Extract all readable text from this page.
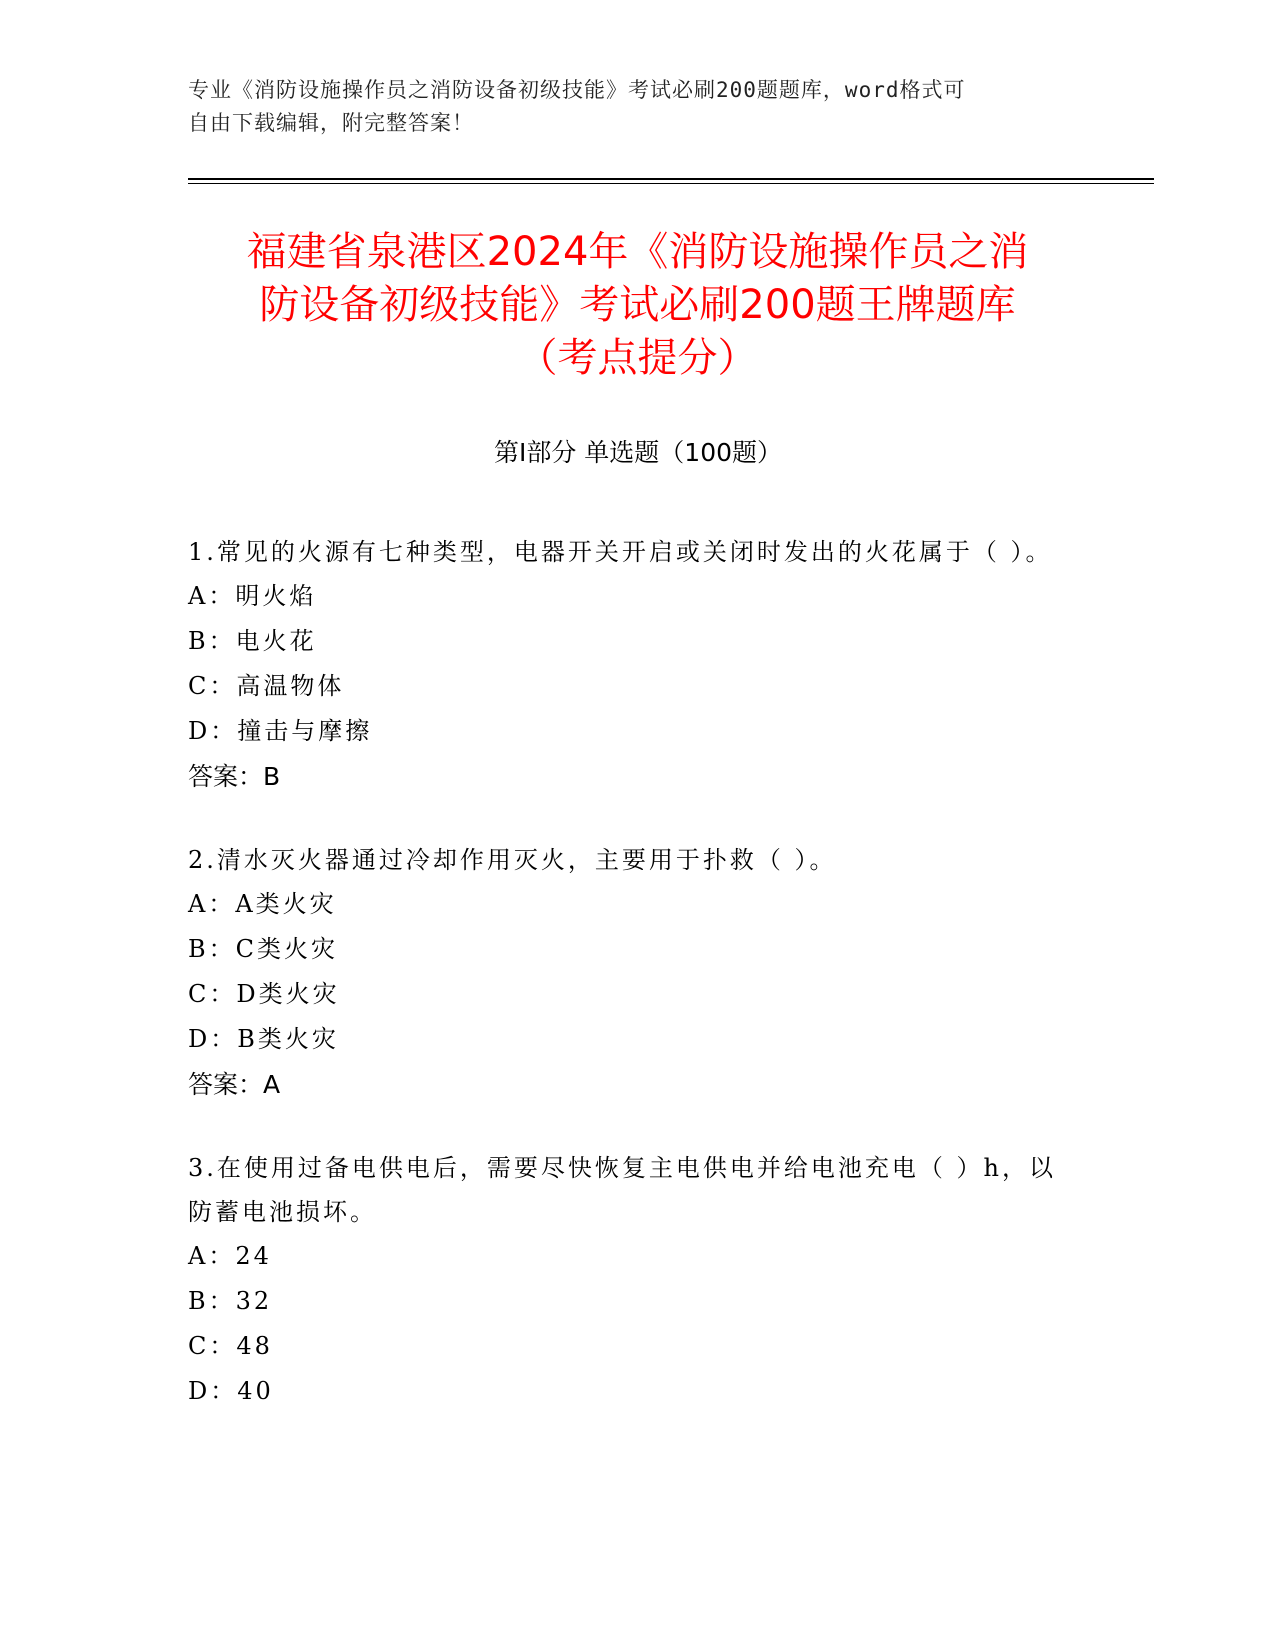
专业《消防设施操作员之消防设备初级技能》考试必刷200题题库，word格式可
自由下载编辑，附完整答案！
福建省泉港区2024年《消防设施操作员之消
防设备初级技能》考试必刷200题王牌题库
（考点提分）
第I部分 单选题（100题）
1.常见的火源有七种类型，电器开关开启或关闭时发出的火花属于（ ）。
A：明火焰
B：电火花
C：高温物体
D：撞击与摩擦
答案：B
2.清水灭火器通过冷却作用灭火，主要用于扑救（ ）。
A：A类火灾
B：C类火灾
C：D类火灾
D：B类火灾
答案：A
3.在使用过备电供电后，需要尽快恢复主电供电并给电池充电（ ）h，以防蓄电池损坏。
A：24
B：32
C：48
D：40
